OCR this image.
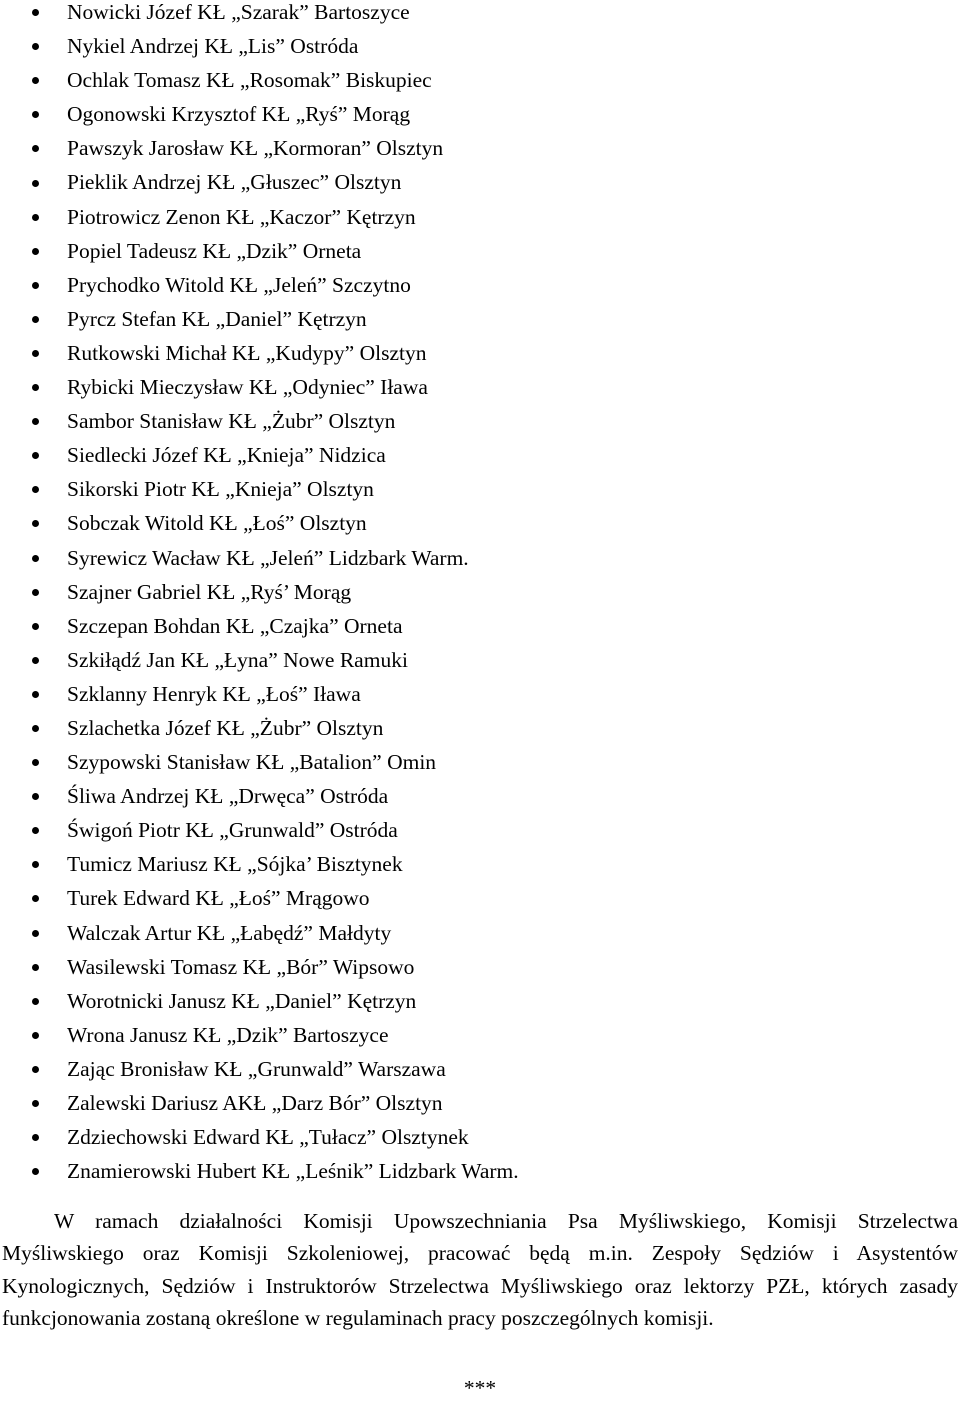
Nowicki Józef KŁ „Szarak” Bartoszyce
Nykiel Andrzej KŁ „Lis” Ostróda
Ochlak Tomasz KŁ „Rosomak” Biskupiec
Ogonowski Krzysztof KŁ „Ryś” Morąg
Pawszyk Jarosław KŁ „Kormoran” Olsztyn
Pieklik Andrzej KŁ „Głuszec” Olsztyn
Piotrowicz Zenon KŁ „Kaczor” Kętrzyn
Popiel Tadeusz KŁ „Dzik” Orneta
Prychodko Witold KŁ „Jeleń” Szczytno
Pyrcz Stefan KŁ „Daniel” Kętrzyn
Rutkowski Michał KŁ „Kudypy” Olsztyn
Rybicki Mieczysław KŁ „Odyniec” Iława
Sambor Stanisław KŁ „Żubr” Olsztyn
Siedlecki Józef KŁ „Knieja” Nidzica
Sikorski Piotr KŁ „Knieja” Olsztyn
Sobczak Witold KŁ „Łoś” Olsztyn
Syrewicz Wacław KŁ „Jeleń” Lidzbark Warm.
Szajner Gabriel KŁ „Ryś’ Morąg
Szczepan Bohdan KŁ „Czajka” Orneta
Szkiłądź Jan KŁ „Łyna” Nowe Ramuki
Szklanny Henryk KŁ „Łoś” Iława
Szlachetka Józef KŁ „Żubr” Olsztyn
Szypowski Stanisław KŁ „Batalion” Omin
Śliwa Andrzej KŁ „Drwęca” Ostróda
Świgoń Piotr KŁ „Grunwald” Ostróda
Tumicz Mariusz KŁ „Sójka’ Bisztynek
Turek Edward KŁ „Łoś” Mrągowo
Walczak Artur KŁ „Łabędź” Małdyty
Wasilewski Tomasz KŁ „Bór” Wipsowo
Worotnicki Janusz KŁ „Daniel” Kętrzyn
Wrona Janusz KŁ „Dzik” Bartoszyce
Zając Bronisław KŁ „Grunwald” Warszawa
Zalewski Dariusz AKŁ „Darz Bór” Olsztyn
Zdziechowski Edward KŁ „Tułacz” Olsztynek
Znamierowski Hubert KŁ „Leśnik” Lidzbark Warm.

W ramach działalności Komisji Upowszechniania Psa Myśliwskiego, Komisji Strzelectwa Myśliwskiego oraz Komisji Szkoleniowej, pracować będą m.in. Zespoły Sędziów i Asystentów Kynologicznych, Sędziów i Instruktorów Strzelectwa Myśliwskiego oraz lektorzy PZŁ, których zasady funkcjonowania zostaną określone w regulaminach pracy poszczególnych komisji.

***
